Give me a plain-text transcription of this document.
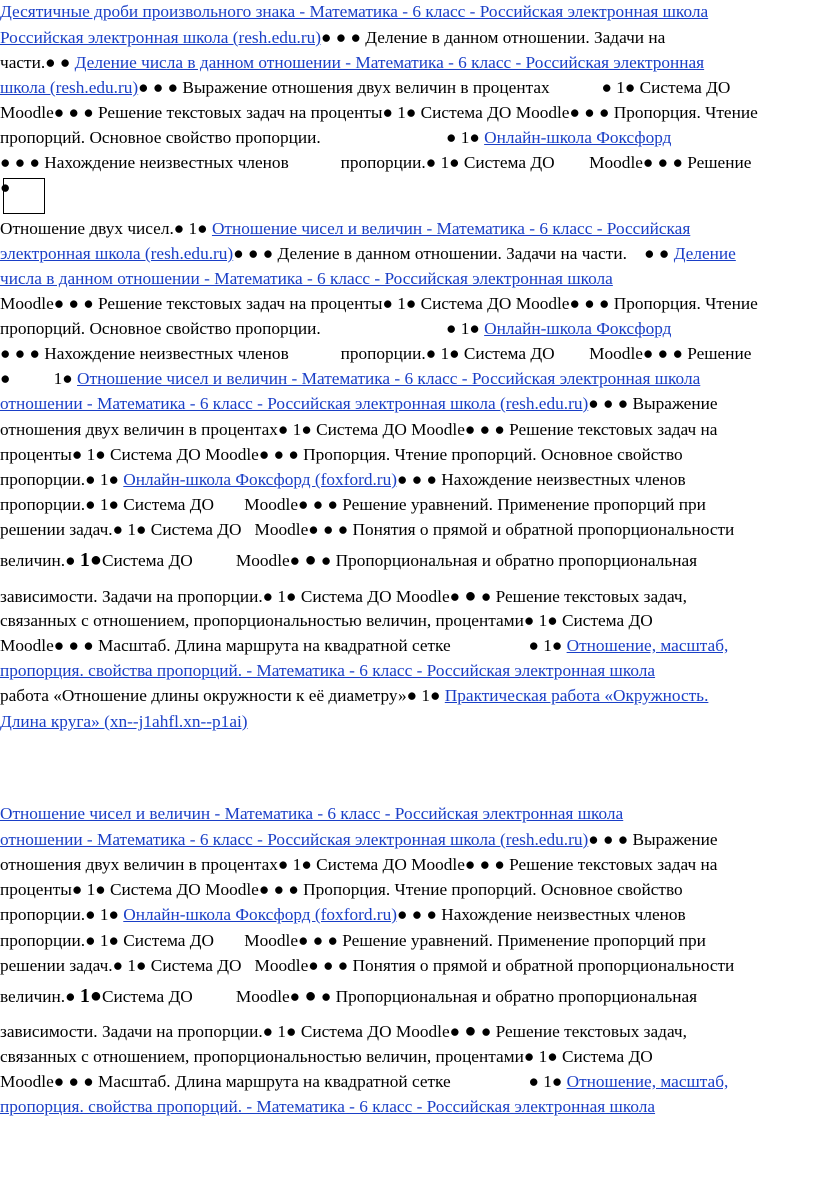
Десятичные дроби произвольного знака - Математика - 6 класс - Российская электронная школа
Российская электронная школа (resh.edu.ru)● ● ● Деление в данном отношении. Задачи на
части.● ● Деление числа в данном отношении - Математика - 6 класс - Российская электронная
школа (resh.edu.ru)● ● ● Выражение отношения двух величин в процентах            ● 1● Система ДО
Moodle● ● ● Решение текстовых задач на проценты● 1● Система ДО Moodle● ● ● Пропорция. Чтение
пропорций. Основное свойство пропорции.                             ● 1● Онлайн-школа Фоксфорд
● ● ● Нахождение неизвестных членов            пропорции.● 1● Система ДО        Moodle● ● ● Решение
●
Отношение двух чисел.● 1● Отношение чисел и величин - Математика - 6 класс - Российская
электронная школа (resh.edu.ru)● ● ● Деление в данном отношении. Задачи на части.    ● ● Деление
числа в данном отношении - Математика - 6 класс - Российская электронная школа
Moodle● ● ● Решение текстовых задач на проценты● 1● Система ДО Moodle● ● ● Пропорция. Чтение
пропорций. Основное свойство пропорции.                             ● 1● Онлайн-школа Фоксфорд
● ● ● Нахождение неизвестных членов            пропорции.● 1● Система ДО        Moodle● ● ● Решение
●          1● Отношение чисел и величин - Математика - 6 класс - Российская электронная школа
отношении - Математика - 6 класс - Российская электронная школа (resh.edu.ru)● ● ● Выражение
отношения двух величин в процентах● 1● Система ДО Moodle● ● ● Решение текстовых задач на
проценты● 1● Система ДО Moodle● ● ● Пропорция. Чтение пропорций. Основное свойство
пропорции.● 1● Онлайн-школа Фоксфорд (foxford.ru)● ● ● Нахождение неизвестных членов
пропорции.● 1● Система ДО       Moodle● ● ● Решение уравнений. Применение пропорций при
решении задач.● 1● Система ДО   Moodle● ● ● Понятия о прямой и обратной пропорциональности
величин.● 1●Система ДО          Moodle● ● ● Пропорциональная и обратно пропорциональная
зависимости. Задачи на пропорции.● 1● Система ДО Moodle● ● ● Решение текстовых задач,
связанных с отношением, пропорциональностью величин, процентами● 1● Система ДО
Moodle● ● ● Масштаб. Длина маршрута на квадратной сетке                  ● 1● Отношение, масштаб,
пропорция. свойства пропорций. - Математика - 6 класс - Российская электронная школа
работа «Отношение длины окружности к её диаметру»● 1● Практическая работа «Окружность.
Длина круга» (xn--j1ahfl.xn--p1ai)
Отношение чисел и величин - Математика - 6 класс - Российская электронная школа
отношении - Математика - 6 класс - Российская электронная школа (resh.edu.ru)● ● ● Выражение
отношения двух величин в процентах● 1● Система ДО Moodle● ● ● Решение текстовых задач на
проценты● 1● Система ДО Moodle● ● ● Пропорция. Чтение пропорций. Основное свойство
пропорции.● 1● Онлайн-школа Фоксфорд (foxford.ru)● ● ● Нахождение неизвестных членов
пропорции.● 1● Система ДО       Moodle● ● ● Решение уравнений. Применение пропорций при
решении задач.● 1● Система ДО   Moodle● ● ● Понятия о прямой и обратной пропорциональности
величин.● 1●Система ДО          Moodle● ● ● Пропорциональная и обратно пропорциональная
зависимости. Задачи на пропорции.● 1● Система ДО Moodle● ● ● Решение текстовых задач,
связанных с отношением, пропорциональностью величин, процентами● 1● Система ДО
Moodle● ● ● Масштаб. Длина маршрута на квадратной сетке                  ● 1● Отношение, масштаб,
пропорция. свойства пропорций. - Математика - 6 класс - Российская электронная школа
